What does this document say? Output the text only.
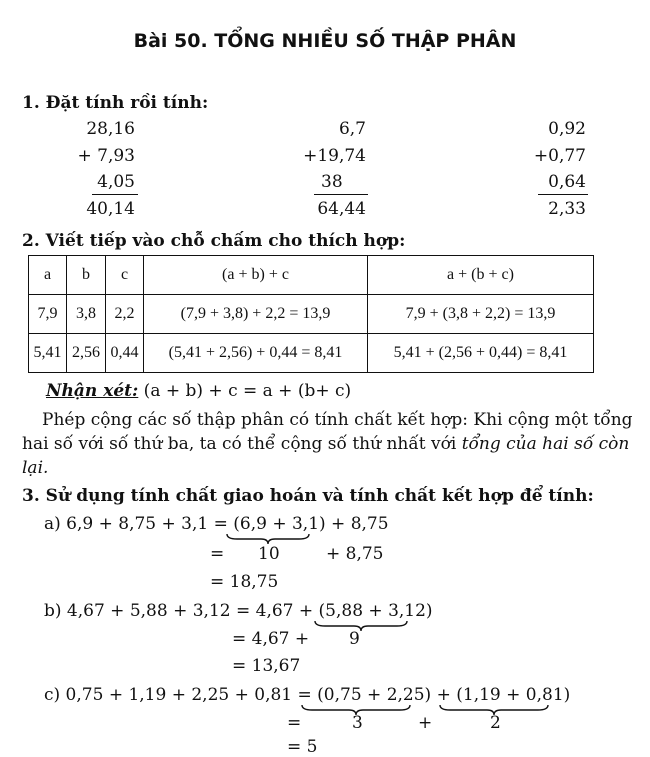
Bài 50. TỔNG NHIỀU SỐ THẬP PHÂN
1. Đặt tính rồi tính:
28,16
+ 7,93
4,05
40,14
6,7
+19,74
38
64,44
0,92
+0,77
0,64
2,33
2. Viết tiếp vào chỗ chấm cho thích hợp:
a	b	c	(a + b) + c	a + (b + c)
7,9	3,8	2,2	(7,9 + 3,8) + 2,2 = 13,9	7,9 + (3,8 + 2,2) = 13,9
5,41	2,56	0,44	(5,41 + 2,56) + 0,44 = 8,41	5,41 + (2,56 + 0,44) = 8,41
Nhận xét: (a + b) + c = a + (b+ c)
Phép cộng các số thập phân có tính chất kết hợp: Khi cộng một tổng hai số với số thứ ba, ta có thể cộng số thứ nhất với tổng của hai số còn lại.
3. Sử dụng tính chất giao hoán và tính chất kết hợp để tính:
a) 6,9 + 8,75 + 3,1 = (6,9 + 3,1) + 8,75
= 10	+ 8,75
= 18,75
b) 4,67 + 5,88 + 3,12 = 4,67 + (5,88 + 3,12)
= 4,67 + 9
= 13,67
c) 0,75 + 1,19 + 2,25 + 0,81 = (0,75 + 2,25) + (1,19 + 0,81)
=	3	+	2
= 5
